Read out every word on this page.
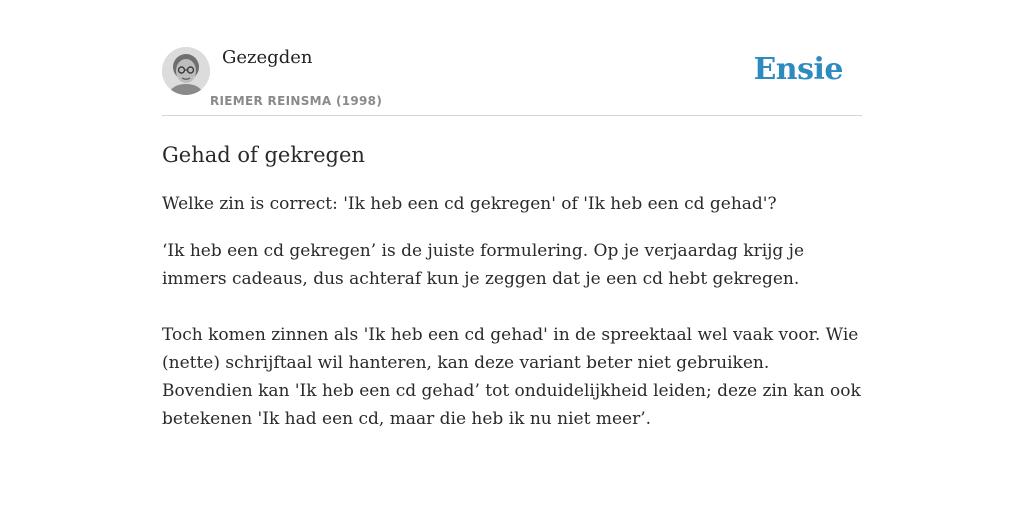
Gezegden
RIEMER REINSMA (1998)
Ensie
Gehad of gekregen
Welke zin is correct: 'Ik heb een cd gekregen' of 'Ik heb een cd gehad'?

‘Ik heb een cd gekregen’ is de juiste formulering. Op je verjaardag krijg je immers cadeaus, dus achteraf kun je zeggen dat je een cd hebt gekregen.

Toch komen zinnen als 'Ik heb een cd gehad' in de spreektaal wel vaak voor. Wie (nette) schrijftaal wil hanteren, kan deze variant beter niet gebruiken. Bovendien kan 'Ik heb een cd gehad’ tot onduidelijkheid leiden; deze zin kan ook betekenen 'Ik had een cd, maar die heb ik nu niet meer’.
